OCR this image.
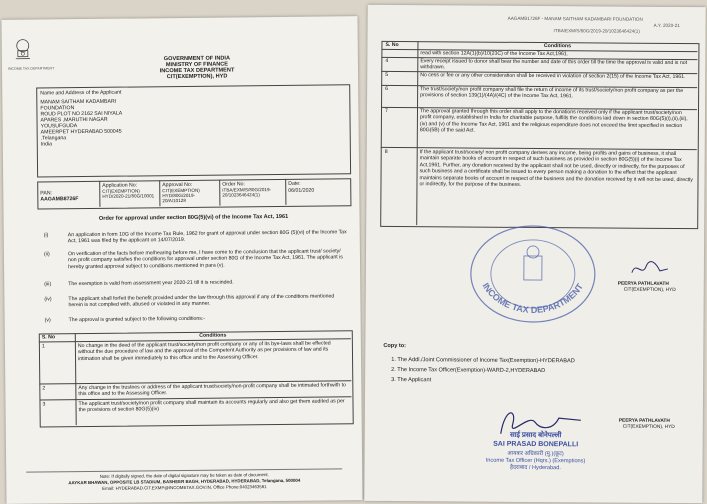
INCOME TAX DEPARTMENT
GOVERNMENT OF INDIA
MINISTRY OF FINANCE
INCOME TAX DEPARTMENT
CIT(EXEMPTION), HYD
Name and Address of the Applicant
MANAM SAITHAM KADAMBARI
FOUNDATION
ROUD PLOT NO 2162 SAI NIYALA
APARES ,MARUTHI NAGAR
YOUSUFGUDA
AMEERPET HYDERABAD 500045
.Telangana
India
PAN:
AAGAMB8726F
Application No:
CIT(EXEMPTION) HYD/2020-21/80G/10001
Approval No:
CIT(EXEMPTION) HYD/80G/2019-20/A/10128
Order No:
ITBA/EXM/S/80G/2019-20/1023646424(1)
Date:
06/01/2020
Order for approval under section 80G(5)(vi) of the Income Tax Act, 1961
(i)	An application in form 10G of the Income Tax Rule, 1962 for grant of approval under section 80G (5)(vi) of the Income Tax Act, 1961 was filed by the applicant on 14/07/2019.
(ii)	On verification of the facts before me/hearing before me, I have come to the conclusion that the applicant trust/ society/ non profit company satisfies the conditions for approval under section 80G of the Income Tax Act, 1961. The applicant is hereby granted approval subject to conditions mentioned in para (v).
(iii)	The exemption is valid from assessment year 2020-21 till it is rescinded.
(iv)	The applicant shall forfeit the benefit provided under the law through this approval if any of the conditions mentioned herein is not complied with, abused or violated in any manner.
(v)	The approval is granted subject to the following conditions:-
S. No	Conditions
1	No change in the deed of the applicant trust/society/non profit company or any of its bye-laws shall be effected without the due procedure of law and the approval of the Competent Authority as per provisions of law and its intimation shall be given immediately to this office and to the Assessing Officer.
2	Any change in the trustees or address of the applicant trust/society/non-profit company shall be intimated forthwith to this office and to the Assessing Officer.
3	The applicant trust/society/non profit company shall maintain its accounts regularly and also get them audited as per the provisions of section 80G(5)(iv)
Note: If digitally signed, the date of digital signature may be taken as date of document.
AAYKAR BHAWAN, OPPOSITE LB STADIUM, BASHEER BAGH, HYDERABAD, HYDERABAD, Telangana, 500004
Email: HYDERABAD.CIT.EXMP@INCOMETAX.GOV.IN, Office Phone:04023463561
AAGAMB1726F - MANAM SAITHAM KADAMBARI FOUNDATION
A.Y. 2020-21
ITBA/EXM/S/80G/2019-20/1023646424(1)
S. No	Conditions
read with section 12A(1)(b)/10(23C) of the Income Tax Act,1961.
4	Every receipt issued to donor shall bear the number and date of this order till the time the approval is valid and is not withdrawn.
5	No cess or fee or any other consideration shall be received in violation of section 2(15) of the Income Tax Act, 1961.
6	The trust/society/non profit company shall file the return of income of its trust/society/non profit company as per the provisions of section 139(1)/(4A)/(4C) of the Income Tax Act, 1961.
7	The approval granted through this order shall apply to the donations received only if the applicant trust/society/non profit company, established in India for charitable purpose, fulfills the conditions laid down in section 80G(5)(i),(ii),(iii),(iv) and (v) of the Income Tax Act, 1961 and the religious expenditure does not exceed the limit specified in section 80G(5B) of the said Act.
8	If the applicant trust/society/ non profit company derives any income, being profits and gains of business, it shall maintain separate books of account in respect of such business as provided in section 80G(5)(i) of the Income Tax Act,1961. Further, any donation received by the applicant shall not be used, directly or indirectly, for the purposes of such business and a certificate shall be issued to every person making a donation to the effect that the applicant maintains separate books of account in respect of the business and the donation received by it will not be used, directly or indirectly, for the purpose of the business.
INCOME TAX DEPARTMENT	PEERYA PATHLAVATH
CIT(EXEMPTION), HYD
Copy to:
1. The Addl./Joint Commissioner of Income Tax(Exemption)-HYDERABAD
2. The Income Tax Officer(Exemption)-WARD-2,HYDERABAD
3. The Applicant
PEERYA PATHLAVATH
CIT(EXEMPTION), HYD
साई प्रसाद बोनेपल्ली
SAI PRASAD BONEPALLI
आयकर अधिकारी (मु.)(छूट)
Income Tax Officer (Hqrs.) (Exemptions)
हैदराबाद / Hyderabad.
